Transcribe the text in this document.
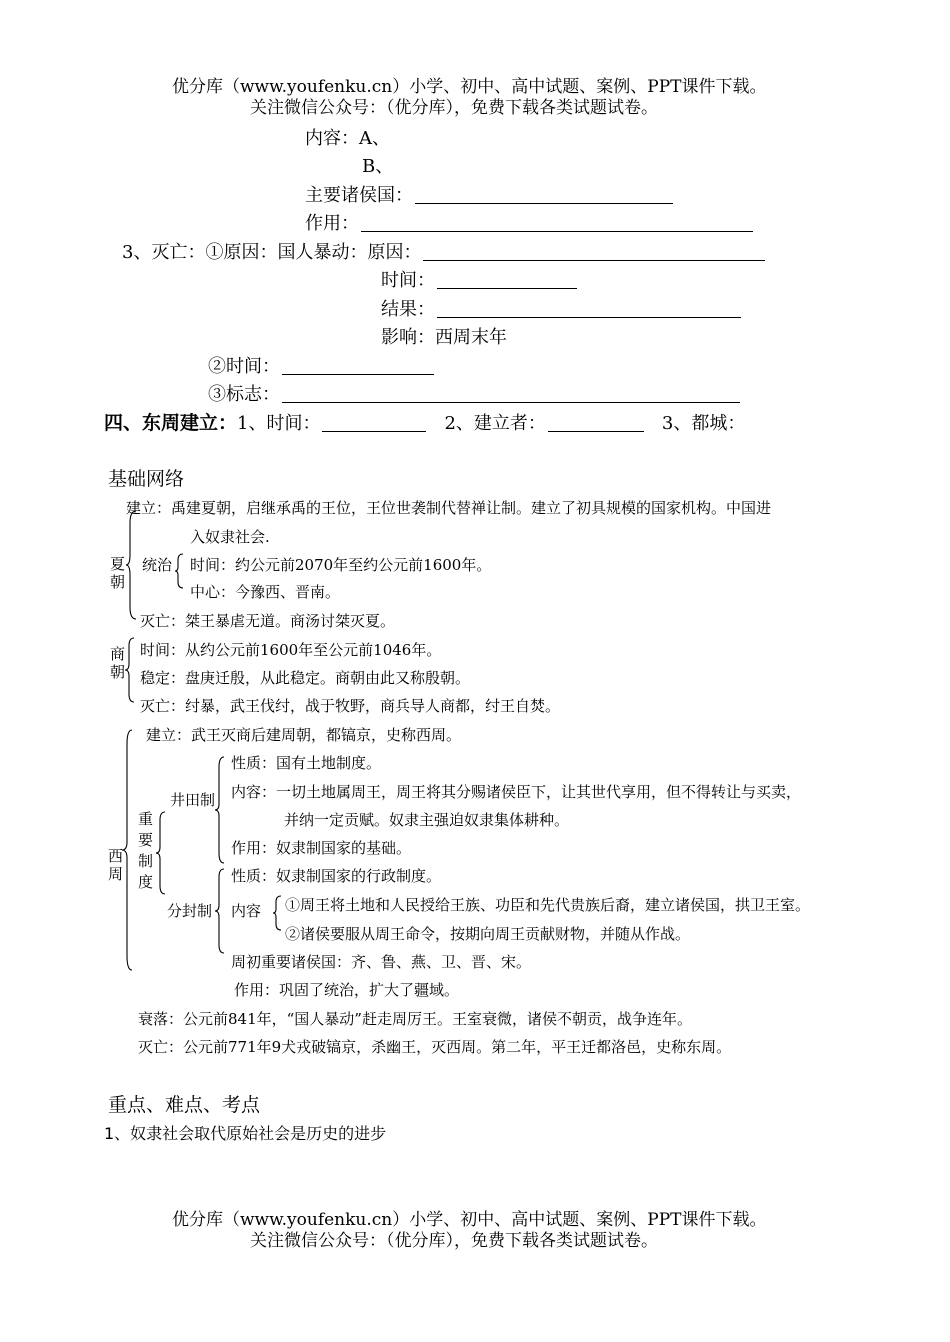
优分库（www.youfenku.cn）小学、初中、高中试题、案例、PPT课件下载。
关注微信公众号：（优分库），免费下载各类试题试卷。
内容：A、
B、
主要诸侯国：
作用：
3、灭亡：①原因：国人暴动：原因：
时间：
结果：
影响：西周末年
②时间：
③标志：
四、东周建立：1、时间：	2、建立者：	3、都城：
基础网络
建立：禹建夏朝，启继承禹的王位，王位世袭制代替禅让制。建立了初具规模的国家机构。中国进
入奴隶社会.
夏
朝
统治 时间：约公元前2070年至约公元前1600年。
中心：今豫西、晋南。
灭亡：桀王暴虐无道。商汤讨桀灭夏。
商
朝
时间：从约公元前1600年至公元前1046年。
稳定：盘庚迁殷，从此稳定。商朝由此又称殷朝。
灭亡：纣暴，武王伐纣，战于牧野，商兵导人商都，纣王自焚。
西
周
建立：武王灭商后建周朝，都镐京，史称西周。
重
要
制
度
井田制
性质：国有土地制度。
内容：一切土地属周王，周王将其分赐诸侯臣下，让其世代享用，但不得转让与买卖，
并纳一定贡赋。奴隶主强迫奴隶集体耕种。
作用：奴隶制国家的基础。
分封制
性质：奴隶制国家的行政制度。
内容 ①周王将土地和人民授给王族、功臣和先代贵族后裔，建立诸侯国，拱卫王室。
②诸侯要服从周王命令，按期向周王贡献财物，并随从作战。
周初重要诸侯国：齐、鲁、燕、卫、晋、宋。
作用：巩固了统治，扩大了疆域。
衰落：公元前841年，“国人暴动”赶走周厉王。王室衰微，诸侯不朝贡，战争连年。
灭亡：公元前771年9犬戎破镐京，杀幽王，灭西周。第二年，平王迁都洛邑，史称东周。
重点、难点、考点
1、奴隶社会取代原始社会是历史的进步
优分库（www.youfenku.cn）小学、初中、高中试题、案例、PPT课件下载。
关注微信公众号：（优分库），免费下载各类试题试卷。
